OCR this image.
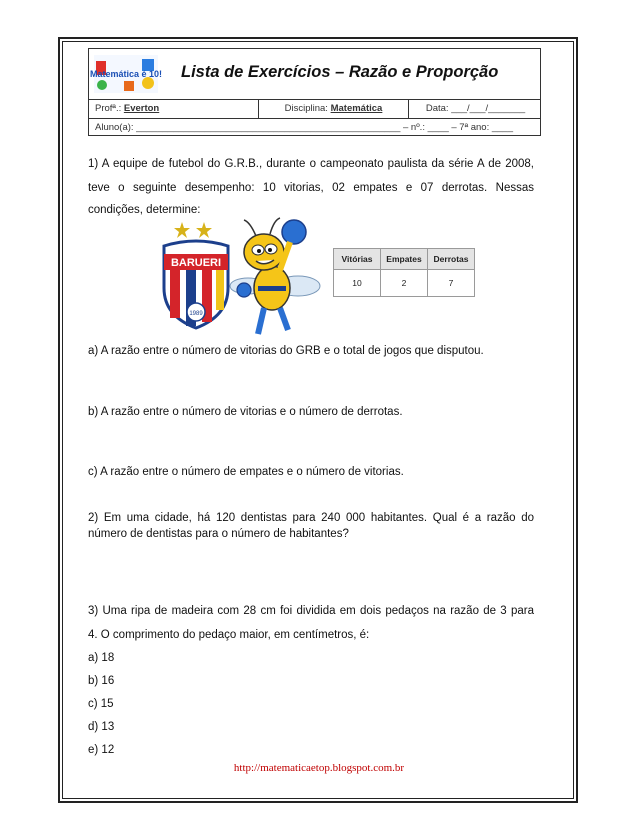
Matemática é 10! Lista de Exercícios – Razão e Proporção
Profª.: Everton	Disciplina: Matemática	Data: ___/___/_______
Aluno(a): __________________________________________________ – nº.: ____ – 7ª ano: ____
1) A equipe de futebol do G.R.B., durante o campeonato paulista da série A de 2008,
teve o seguinte desempenho: 10 vitorias, 02 empates e 07 derrotas. Nessas
condições, determine:
BARUERI
1989
Vitórias	Empates	Derrotas
10	2	7
a) A razão entre o número de vitorias do GRB e o total de jogos que disputou.
b) A razão entre o número de vitorias e o número de derrotas.
c) A razão entre o número de empates e o número de vitorias.
2) Em uma cidade, há 120 dentistas para 240 000 habitantes. Qual é a razão do
número de dentistas para o número de habitantes?
3) Uma ripa de madeira com 28 cm foi dividida em dois pedaços na razão de 3 para
4. O comprimento do pedaço maior, em centímetros, é:
a) 18
b) 16
c) 15
d) 13
e) 12
http://matematicaetop.blogspot.com.br
